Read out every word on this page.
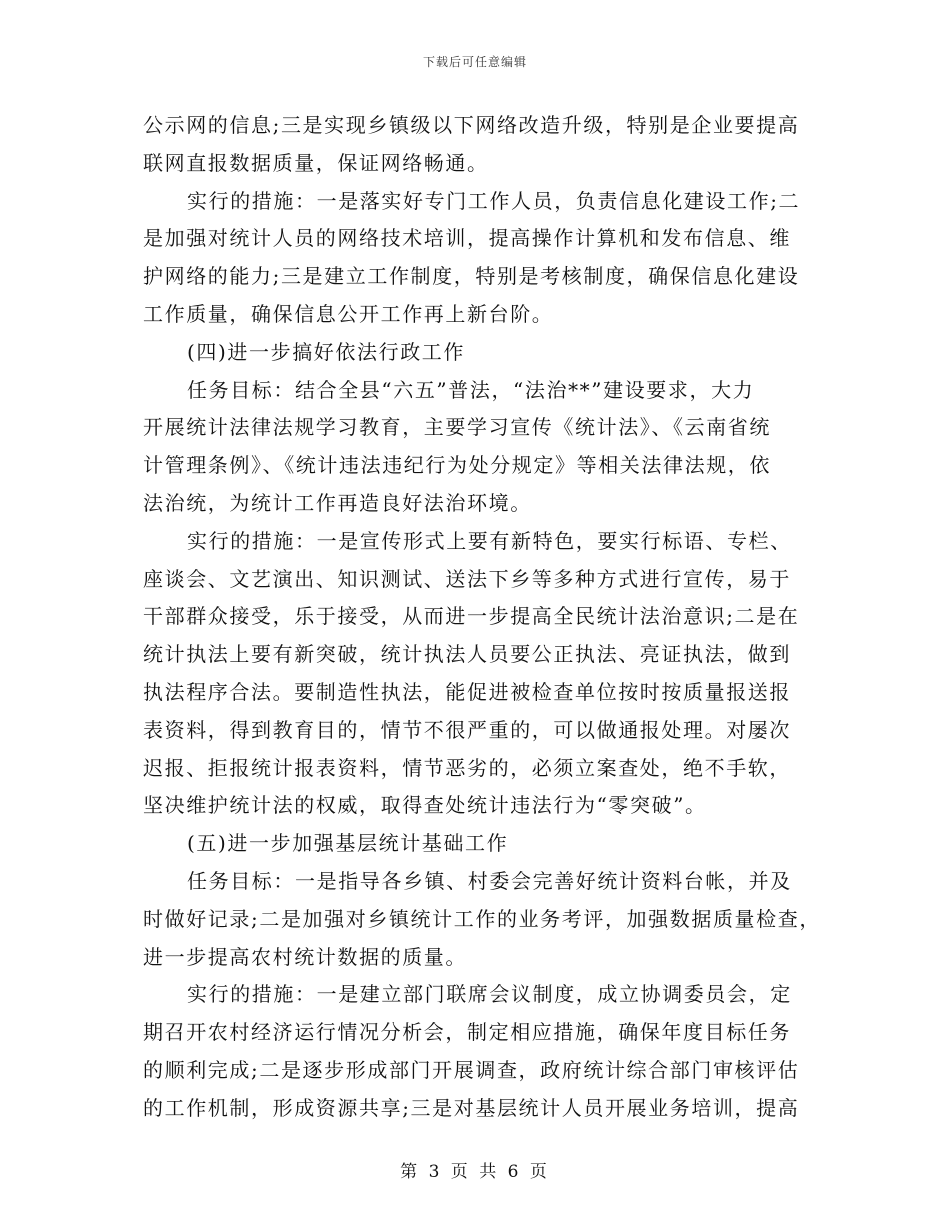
下载后可任意编辑
公示网的信息;三是实现乡镇级以下网络改造升级，特别是企业要提高
联网直报数据质量，保证网络畅通。
实行的措施：一是落实好专门工作人员，负责信息化建设工作;二
是加强对统计人员的网络技术培训，提高操作计算机和发布信息、维
护网络的能力;三是建立工作制度，特别是考核制度，确保信息化建设
工作质量，确保信息公开工作再上新台阶。
(四)进一步搞好依法行政工作
任务目标：结合全县“六五”普法，“法治**”建设要求，大力
开展统计法律法规学习教育，主要学习宣传《统计法》、《云南省统
计管理条例》、《统计违法违纪行为处分规定》等相关法律法规，依
法治统，为统计工作再造良好法治环境。
实行的措施：一是宣传形式上要有新特色，要实行标语、专栏、
座谈会、文艺演出、知识测试、送法下乡等多种方式进行宣传，易于
干部群众接受，乐于接受，从而进一步提高全民统计法治意识;二是在
统计执法上要有新突破，统计执法人员要公正执法、亮证执法，做到
执法程序合法。要制造性执法，能促进被检查单位按时按质量报送报
表资料，得到教育目的，情节不很严重的，可以做通报处理。对屡次
迟报、拒报统计报表资料，情节恶劣的，必须立案查处，绝不手软，
坚决维护统计法的权威，取得查处统计违法行为“零突破”。
(五)进一步加强基层统计基础工作
任务目标：一是指导各乡镇、村委会完善好统计资料台帐，并及
时做好记录;二是加强对乡镇统计工作的业务考评，加强数据质量检查，
进一步提高农村统计数据的质量。
实行的措施：一是建立部门联席会议制度，成立协调委员会，定
期召开农村经济运行情况分析会，制定相应措施，确保年度目标任务
的顺利完成;二是逐步形成部门开展调查，政府统计综合部门审核评估
的工作机制，形成资源共享;三是对基层统计人员开展业务培训，提高
第 3 页 共 6 页
